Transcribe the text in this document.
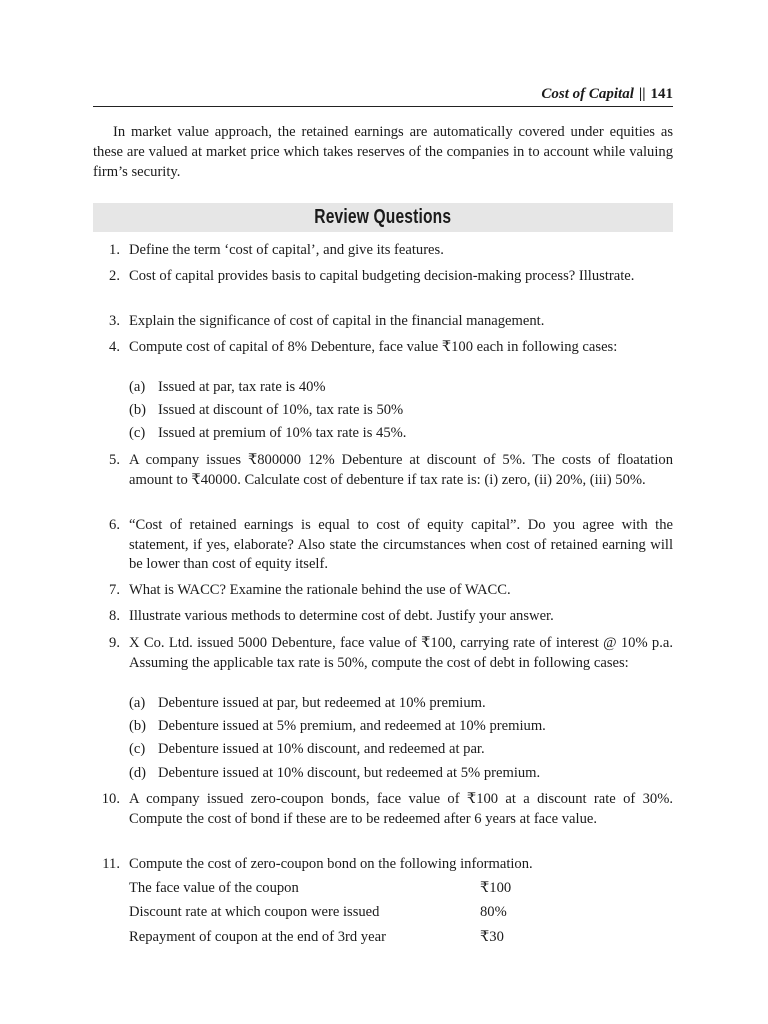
Cost of Capital || 141

In market value approach, the retained earnings are automatically covered under equities as these are valued at market price which takes reserves of the companies in to account while valuing firm’s security.

Review Questions
1. Define the term ‘cost of capital’, and give its features.
2. Cost of capital provides basis to capital budgeting decision-making process? Illustrate.
3. Explain the significance of cost of capital in the financial management.
4. Compute cost of capital of 8% Debenture, face value ₹100 each in following cases:
(a) Issued at par, tax rate is 40%
(b) Issued at discount of 10%, tax rate is 50%
(c) Issued at premium of 10% tax rate is 45%.
5. A company issues ₹800000 12% Debenture at discount of 5%. The costs of floatation amount to ₹40000. Calculate cost of debenture if tax rate is: (i) zero, (ii) 20%, (iii) 50%.
6. “Cost of retained earnings is equal to cost of equity capital”. Do you agree with the statement, if yes, elaborate? Also state the circumstances when cost of retained earning will be lower than cost of equity itself.
7. What is WACC? Examine the rationale behind the use of WACC.
8. Illustrate various methods to determine cost of debt. Justify your answer.
9. X Co. Ltd. issued 5000 Debenture, face value of ₹100, carrying rate of interest @ 10% p.a. Assuming the applicable tax rate is 50%, compute the cost of debt in following cases:
(a) Debenture issued at par, but redeemed at 10% premium.
(b) Debenture issued at 5% premium, and redeemed at 10% premium.
(c) Debenture issued at 10% discount, and redeemed at par.
(d) Debenture issued at 10% discount, but redeemed at 5% premium.
10. A company issued zero-coupon bonds, face value of ₹100 at a discount rate of 30%. Compute the cost of bond if these are to be redeemed after 6 years at face value.
11. Compute the cost of zero-coupon bond on the following information.
The face value of the coupon	₹100
Discount rate at which coupon were issued	80%
Repayment of coupon at the end of 3rd year	₹30
